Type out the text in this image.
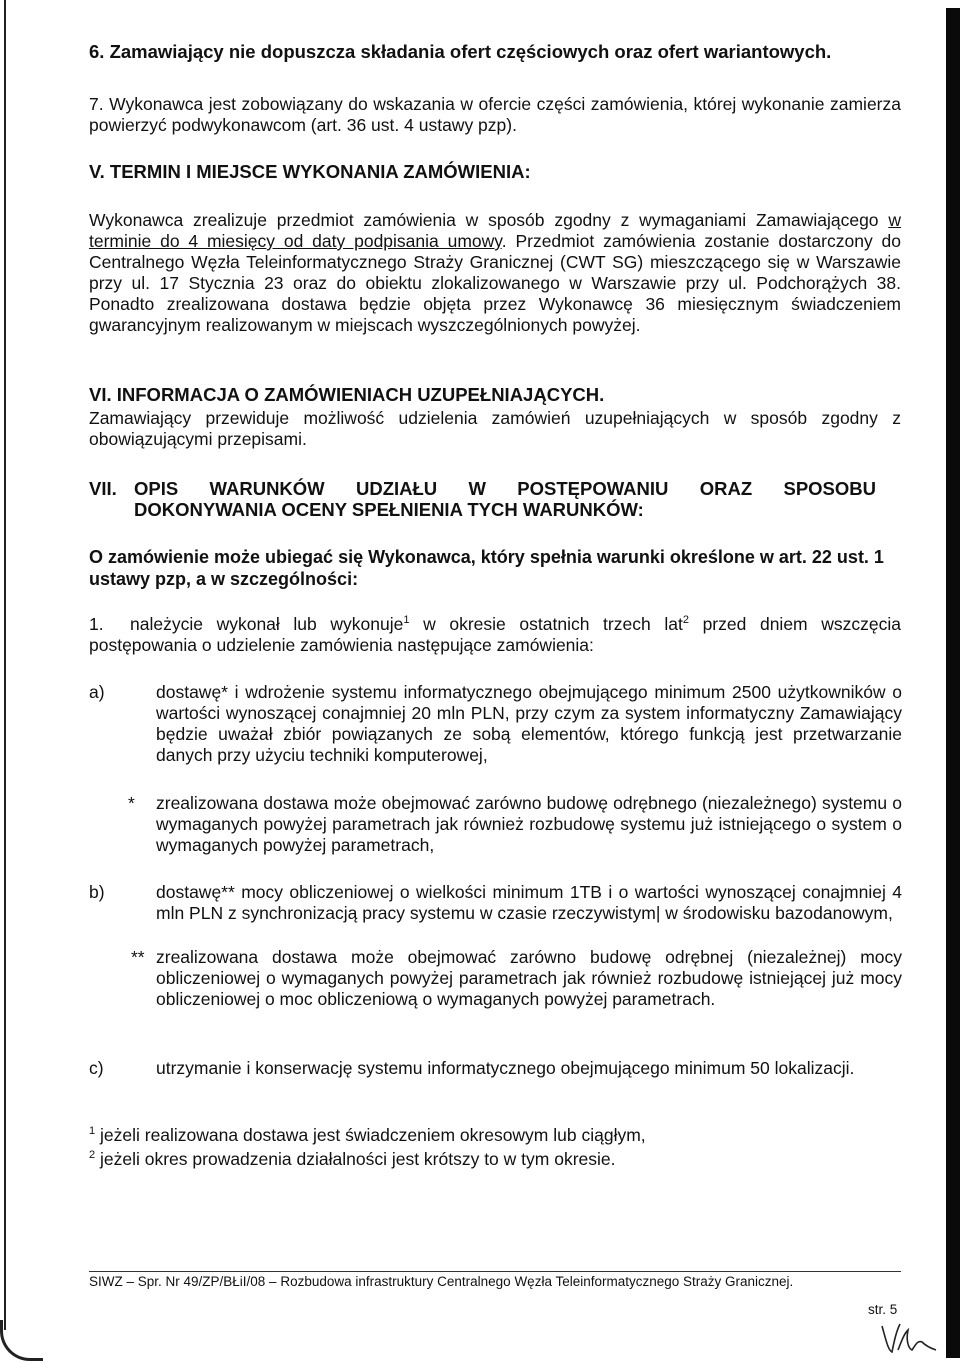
6. Zamawiający nie dopuszcza składania ofert częściowych oraz ofert wariantowych.
7. Wykonawca jest zobowiązany do wskazania w ofercie części zamówienia, której wykonanie zamierza powierzyć podwykonawcom (art. 36 ust. 4 ustawy pzp).
V. TERMIN I MIEJSCE WYKONANIA ZAMÓWIENIA:
Wykonawca zrealizuje przedmiot zamówienia w sposób zgodny z wymaganiami Zamawiającego w terminie do 4 miesięcy od daty podpisania umowy. Przedmiot zamówienia zostanie dostarczony do Centralnego Węzła Teleinformatycznego Straży Granicznej (CWT SG) mieszczącego się w Warszawie przy ul. 17 Stycznia 23 oraz do obiektu zlokalizowanego w Warszawie przy ul. Podchorążych 38. Ponadto zrealizowana dostawa będzie objęta przez Wykonawcę 36 miesięcznym świadczeniem gwarancyjnym realizowanym w miejscach wyszczególnionych powyżej.
VI. INFORMACJA O ZAMÓWIENIACH UZUPEŁNIAJĄCYCH.
Zamawiający przewiduje możliwość udzielenia zamówień uzupełniających w sposób zgodny z obowiązującymi przepisami.
VII. OPIS WARUNKÓW UDZIAŁU W POSTĘPOWANIU ORAZ SPOSOBU
DOKONYWANIA OCENY SPEŁNIENIA TYCH WARUNKÓW:
O zamówienie może ubiegać się Wykonawca, który spełnia warunki określone w art. 22 ust. 1 ustawy pzp, a w szczególności:
1.	należycie wykonał lub wykonuje$^1$ w okresie ostatnich trzech lat$^2$ przed dniem wszczęcia postępowania o udzielenie zamówienia następujące zamówienia:
a)	dostawę* i wdrożenie systemu informatycznego obejmującego minimum 2500 użytkowników o wartości wynoszącej conajmniej 20 mln PLN, przy czym za system informatyczny Zamawiający będzie uważał zbiór powiązanych ze sobą elementów, którego funkcją jest przetwarzanie danych przy użyciu techniki komputerowej,
* zrealizowana dostawa może obejmować zarówno budowę odrębnego (niezależnego) systemu o wymaganych powyżej parametrach jak również rozbudowę systemu już istniejącego o system o wymaganych powyżej parametrach,
b)	dostawę** mocy obliczeniowej o wielkości minimum 1TB i o wartości wynoszącej conajmniej 4 mln PLN z synchronizacją pracy systemu w czasie rzeczywistym| w środowisku bazodanowym,
** zrealizowana dostawa może obejmować zarówno budowę odrębnej (niezależnej) mocy obliczeniowej o wymaganych powyżej parametrach jak również rozbudowę istniejącej już mocy obliczeniowej o moc obliczeniową o wymaganych powyżej parametrach.
c)	utrzymanie i konserwację systemu informatycznego obejmującego minimum 50 lokalizacji.
$^1$ jeżeli realizowana dostawa jest świadczeniem okresowym lub ciągłym,
$^2$ jeżeli okres prowadzenia działalności jest krótszy to w tym okresie.
SIWZ – Spr. Nr 49/ZP/BŁiI/08 – Rozbudowa infrastruktury Centralnego Węzła Teleinformatycznego Straży Granicznej.
str. 5
